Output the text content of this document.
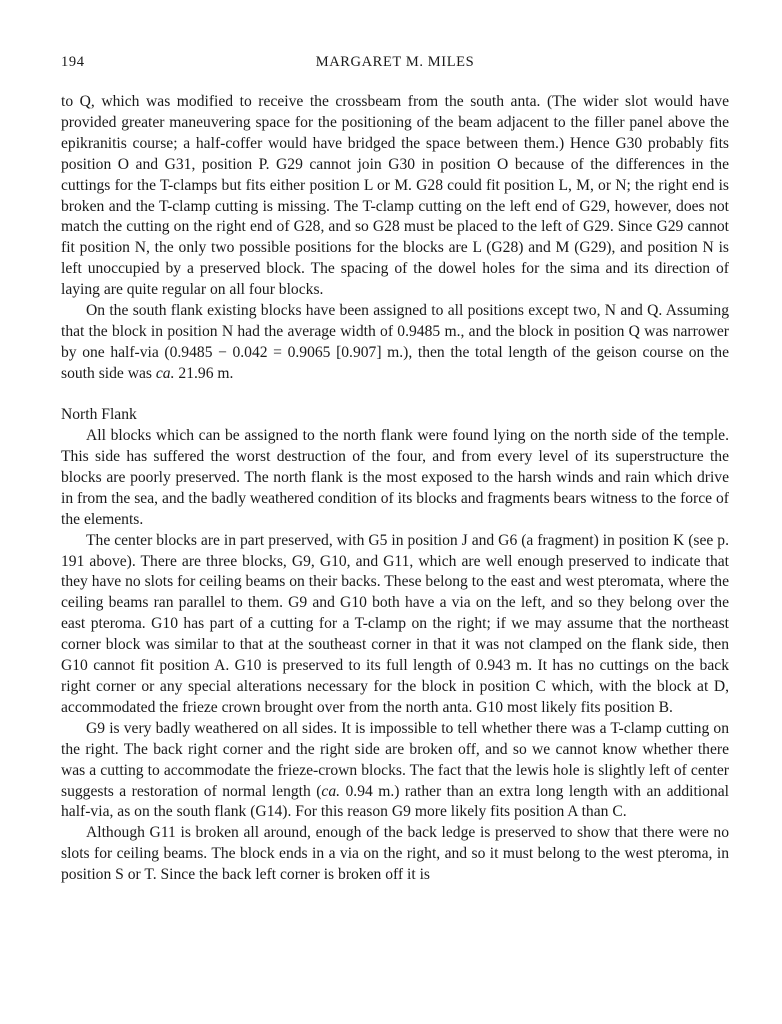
194	MARGARET M. MILES

to Q, which was modified to receive the crossbeam from the south anta. (The wider slot would have provided greater maneuvering space for the positioning of the beam adjacent to the filler panel above the epikranitis course; a half-coffer would have bridged the space between them.) Hence G30 probably fits position O and G31, position P. G29 cannot join G30 in position O because of the differences in the cuttings for the T-clamps but fits either position L or M. G28 could fit position L, M, or N; the right end is broken and the T-clamp cutting is missing. The T-clamp cutting on the left end of G29, however, does not match the cutting on the right end of G28, and so G28 must be placed to the left of G29. Since G29 cannot fit position N, the only two possible positions for the blocks are L (G28) and M (G29), and position N is left unoccupied by a preserved block. The spacing of the dowel holes for the sima and its direction of laying are quite regular on all four blocks.

On the south flank existing blocks have been assigned to all positions except two, N and Q. Assuming that the block in position N had the average width of 0.9485 m., and the block in position Q was narrower by one half-via (0.9485 − 0.042 = 0.9065 [0.907] m.), then the total length of the geison course on the south side was ca. 21.96 m.

North Flank

All blocks which can be assigned to the north flank were found lying on the north side of the temple. This side has suffered the worst destruction of the four, and from every level of its superstructure the blocks are poorly preserved. The north flank is the most exposed to the harsh winds and rain which drive in from the sea, and the badly weathered condition of its blocks and fragments bears witness to the force of the elements.

The center blocks are in part preserved, with G5 in position J and G6 (a fragment) in position K (see p. 191 above). There are three blocks, G9, G10, and G11, which are well enough preserved to indicate that they have no slots for ceiling beams on their backs. These belong to the east and west pteromata, where the ceiling beams ran parallel to them. G9 and G10 both have a via on the left, and so they belong over the east pteroma. G10 has part of a cutting for a T-clamp on the right; if we may assume that the northeast corner block was similar to that at the southeast corner in that it was not clamped on the flank side, then G10 cannot fit position A. G10 is preserved to its full length of 0.943 m. It has no cuttings on the back right corner or any special alterations necessary for the block in position C which, with the block at D, accommodated the frieze crown brought over from the north anta. G10 most likely fits position B.

G9 is very badly weathered on all sides. It is impossible to tell whether there was a T-clamp cutting on the right. The back right corner and the right side are broken off, and so we cannot know whether there was a cutting to accommodate the frieze-crown blocks. The fact that the lewis hole is slightly left of center suggests a restoration of normal length (ca. 0.94 m.) rather than an extra long length with an additional half-via, as on the south flank (G14). For this reason G9 more likely fits position A than C.

Although G11 is broken all around, enough of the back ledge is preserved to show that there were no slots for ceiling beams. The block ends in a via on the right, and so it must belong to the west pteroma, in position S or T. Since the back left corner is broken off it is
